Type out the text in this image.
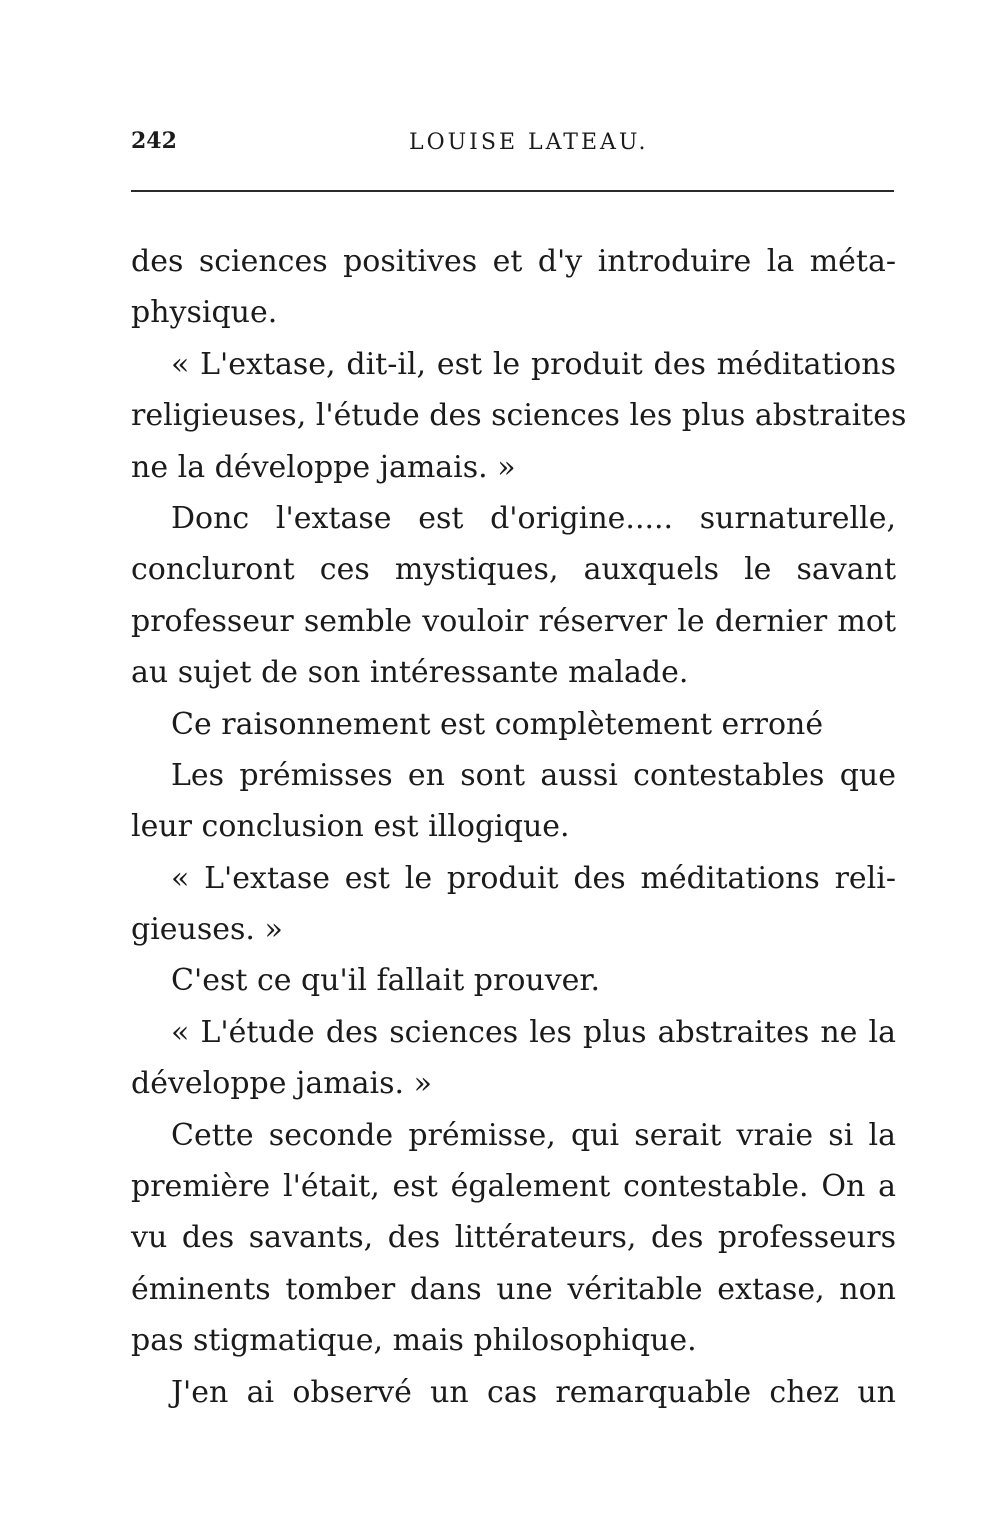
242	LOUISE LATEAU.
des sciences positives et d'y introduire la méta-
physique.
« L'extase, dit-il, est le produit des méditations
religieuses, l'étude des sciences les plus abstraites
ne la développe jamais. »
Donc l'extase est d'origine..... surnaturelle,
concluront ces mystiques, auxquels le savant
professeur semble vouloir réserver le dernier mot
au sujet de son intéressante malade.
Ce raisonnement est complètement erroné
Les prémisses en sont aussi contestables que
leur conclusion est illogique.
« L'extase est le produit des méditations reli-
gieuses. »
C'est ce qu'il fallait prouver.
« L'étude des sciences les plus abstraites ne la
développe jamais. »
Cette seconde prémisse, qui serait vraie si la
première l'était, est également contestable. On a
vu des savants, des littérateurs, des professeurs
éminents tomber dans une véritable extase, non
pas stigmatique, mais philosophique.
J'en ai observé un cas remarquable chez un
